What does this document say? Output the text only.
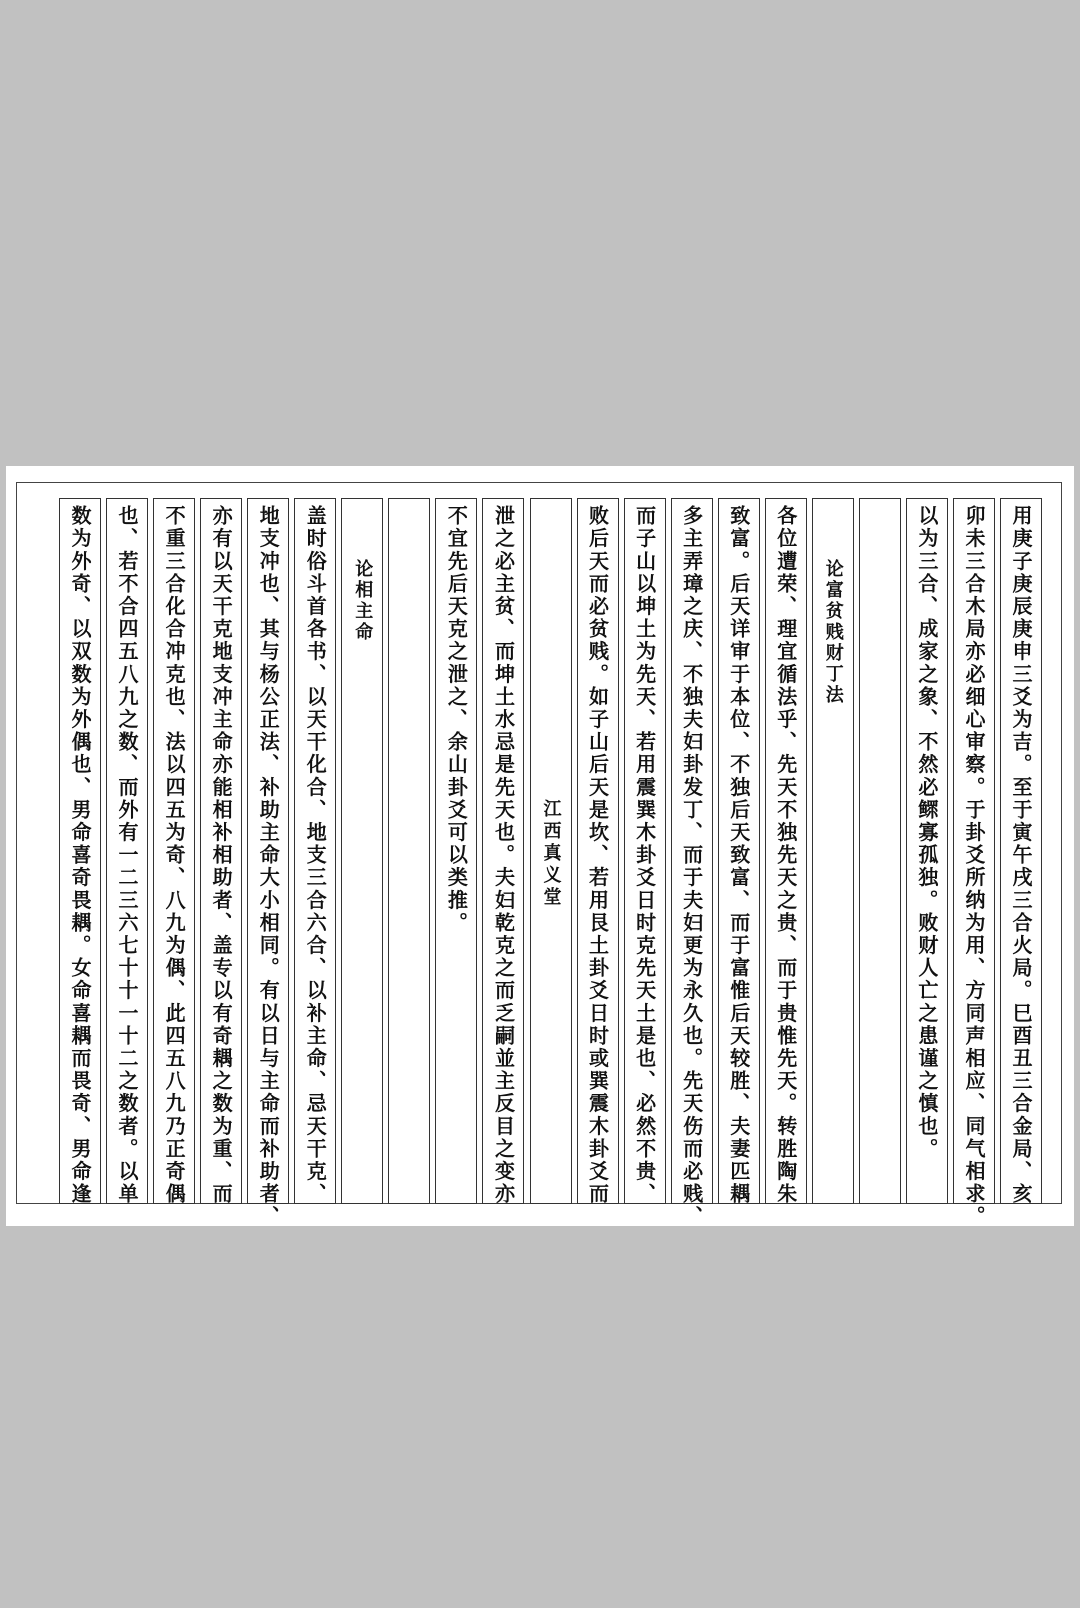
用庚子庚辰庚申三爻为吉。至于寅午戌三合火局。巳酉丑三合金局、亥
卯未三合木局亦必细心审察。于卦爻所纳为用、方同声相应、同气相求。
以为三合、成家之象、不然必鳏寡孤独。败财人亡之患谨之慎也。
论富贫贱财丁法
各位遭荣、理宜循法乎、先天不独先天之贵、而于贵惟先天。转胜陶朱
致富。后天详审于本位、不独后天致富、而于富惟后天较胜、夫妻匹耦
多主弄璋之庆、不独夫妇卦发丁、而于夫妇更为永久也。先天伤而必贱、
而子山以坤土为先天、若用震巽木卦爻日时克先天土是也、必然不贵、
败后天而必贫贱。如子山后天是坎、若用艮土卦爻日时或巽震木卦爻而
江西真义堂
泄之必主贫、而坤土水忌是先天也。夫妇乾克之而乏嗣並主反目之变亦
不宜先后天克之泄之、余山卦爻可以类推。
论相主命
盖时俗斗首各书、以天干化合、地支三合六合、以补主命、忌天干克、
地支冲也、其与杨公正法、补助主命大小相同。有以日与主命而补助者、
亦有以天干克地支冲主命亦能相补相助者、盖专以有奇耦之数为重、而
不重三合化合冲克也、法以四五为奇、八九为偶、此四五八九乃正奇偶
也、若不合四五八九之数、而外有一二三六七十十一十二之数者。以单
数为外奇、以双数为外偶也、男命喜奇畏耦。女命喜耦而畏奇、男命逢
